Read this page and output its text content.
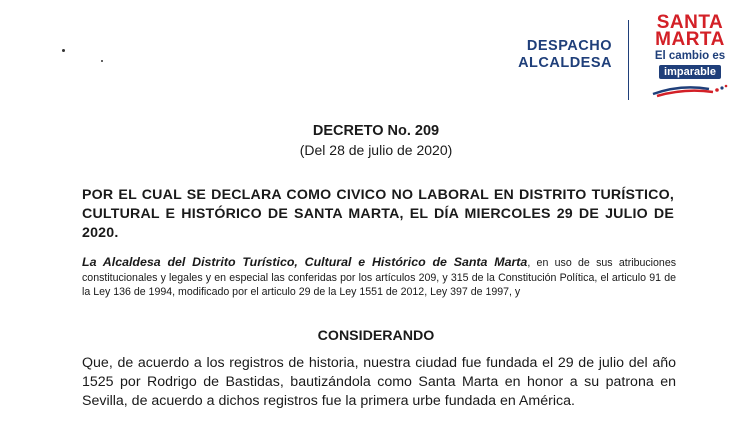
DESPACHO
ALCALDESA
SANTA
MARTA
El cambio es
imparable
DECRETO No. 209
(Del 28 de julio de 2020)
POR EL CUAL SE DECLARA COMO CIVICO NO LABORAL EN DISTRITO TURÍSTICO, CULTURAL E HISTÓRICO DE SANTA MARTA, EL DÍA MIERCOLES 29 DE JULIO DE 2020.
La Alcaldesa del Distrito Turístico, Cultural e Histórico de Santa Marta, en uso de sus atribuciones constitucionales y legales y en especial las conferidas por los artículos 209, y 315 de la Constitución Política, el articulo 91 de la Ley 136 de 1994, modificado por el articulo 29 de la Ley 1551 de 2012, Ley 397 de 1997, y
CONSIDERANDO
Que, de acuerdo a los registros de historia, nuestra ciudad fue fundada el 29 de julio del año 1525 por Rodrigo de Bastidas, bautizándola como Santa Marta en honor a su patrona en Sevilla, de acuerdo a dichos registros fue la primera urbe fundada en América.
